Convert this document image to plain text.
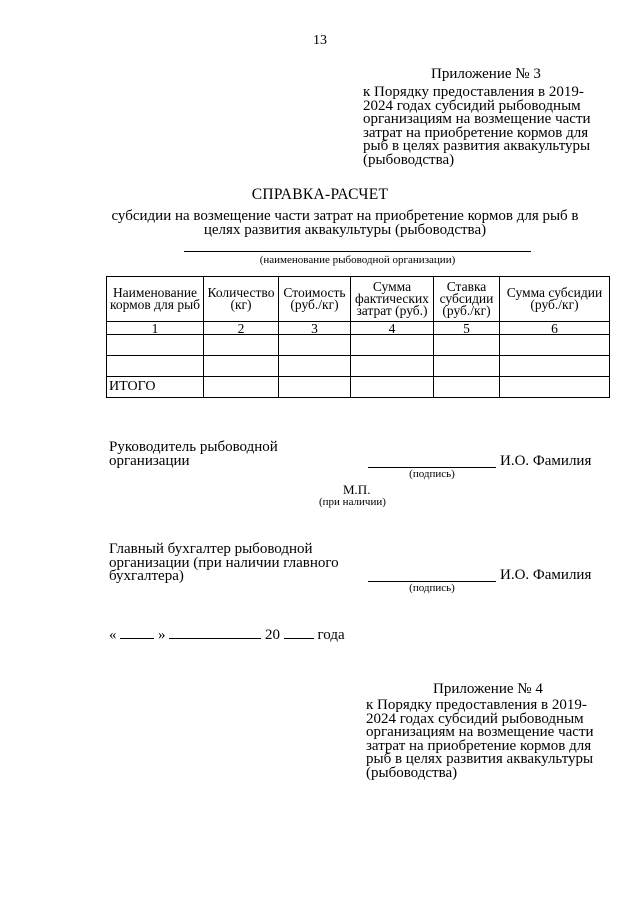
13
Приложение № 3
к Порядку предоставления в 2019-2024 годах субсидий рыбоводным организациям на возмещение части затрат на приобретение кормов для рыб в целях развития аквакультуры (рыбоводства)
СПРАВКА-РАСЧЕТ
субсидии на возмещение части затрат на приобретение кормов для рыб в целях развития аквакультуры (рыбоводства)
(наименование рыбоводной организации)
Наименование кормов для рыб	Количество (кг)	Стоимость (руб./кг)	Сумма фактических затрат (руб.)	Ставка субсидии (руб./кг)	Сумма субсидии (руб./кг)
1	2	3	4	5	6

ИТОГО					
Руководитель рыбоводной организации	И.О. Фамилия
(подпись)
М.П.
(при наличии)
Главный бухгалтер рыбоводной организации (при наличии главного бухгалтера)	И.О. Фамилия
(подпись)
«	»	20	года
Приложение № 4
к Порядку предоставления в 2019-2024 годах субсидий рыбоводным организациям на возмещение части затрат на приобретение кормов для рыб в целях развития аквакультуры (рыбоводства)
